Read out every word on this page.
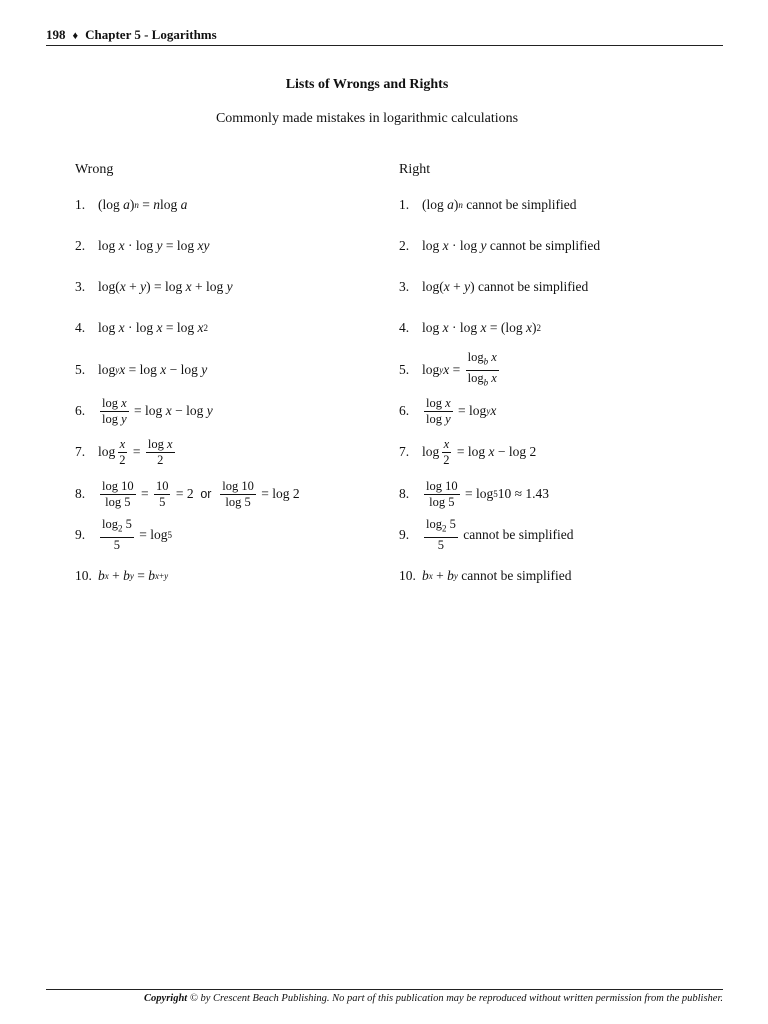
198 ♦ Chapter 5 - Logarithms
Lists of Wrongs and Rights
Commonly made mistakes in logarithmic calculations
Wrong	Right
1. ( log
a ) n = n log
a
2. log
x · log
y = log
x y
3. log ( x + y ) = log
x + log
y
4. log
x · log
x = log
x 2
5. log y x = log
x − log
y
6. $\frac{\text{log x}}{\text{log y}} = \log$
x − log
y
7. $\log \frac{x}{2} = \frac{\text{log x}}{2}$
8. $\frac{\log 10}{\log 5} = \frac{10}{5} = 2$
or
$\frac{\log 10}{\log 5}$
= log 2
9. $\frac{\log_2 5}{5} = \log 5$
10. b x + b y = b x+y
1. ( log
a ) n
cannot be simplified
2. log
x · log
y
cannot be simplified
3. log ( x + y ) cannot be simplified
4. log
x · log
x = ( log
x ) 2
5. log y $x = \frac{\log_b x}{\log_b x}$
6. $\frac{\text{log x}}{\text{log y}} = \log y$ x
7. $\log \frac{x}{2} = \log$
x
− log 2
8. $\frac{\log 10}{\log 5} = \log 5$ 10
≈ 1.43
9. $\frac{\log_2 5}{5}$
cannot be simplified
10. b x + b y
cannot be simplified
Copyright © by Crescent Beach Publishing. No part of this publication may be reproduced without written permission from the publisher.
